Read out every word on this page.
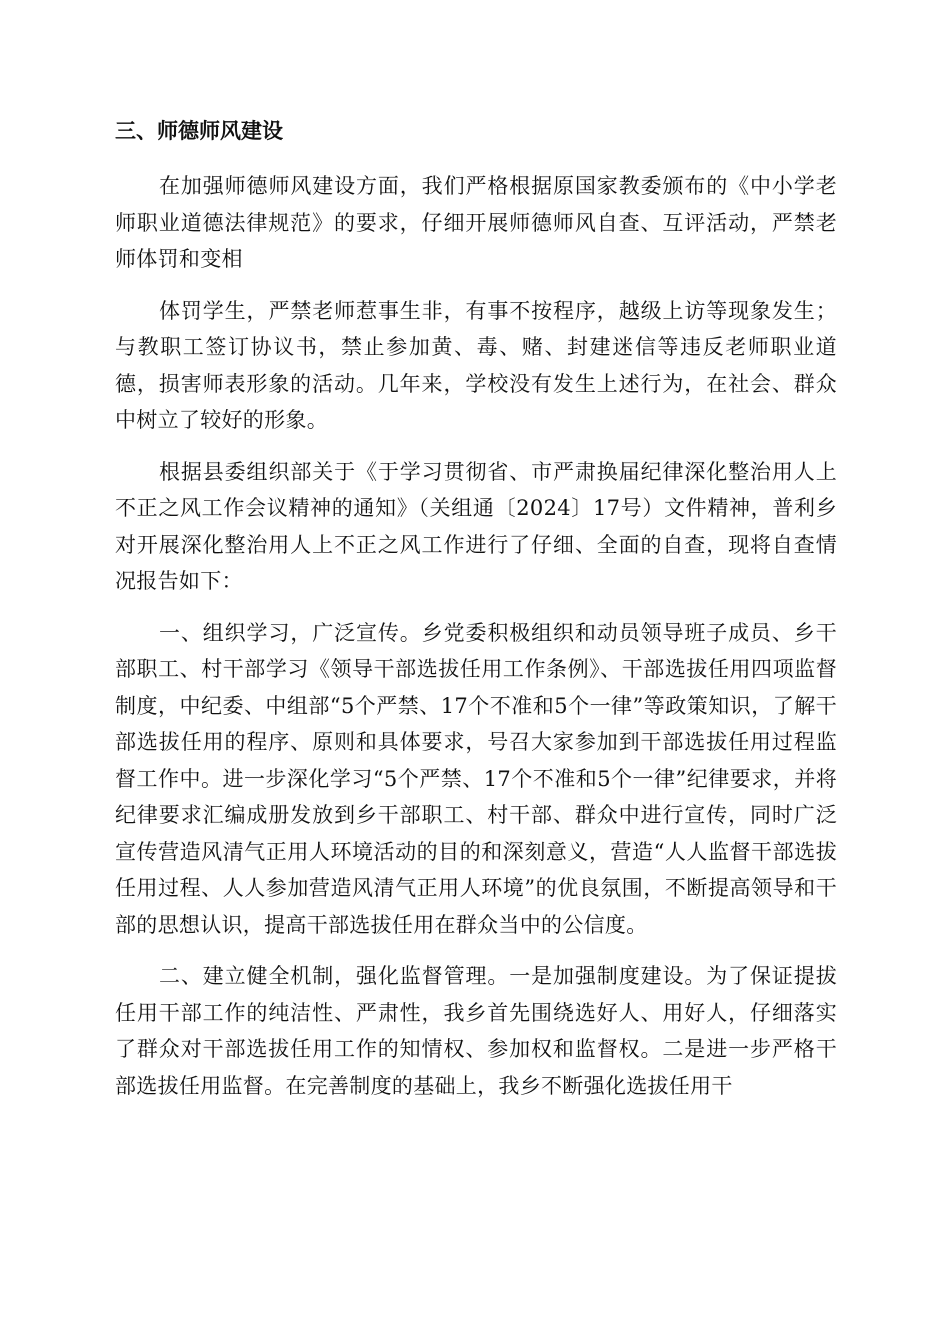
三、师德师风建设

在加强师德师风建设方面，我们严格根据原国家教委颁布的《中小学老师职业道德法律规范》的要求，仔细开展师德师风自查、互评活动，严禁老师体罚和变相

体罚学生，严禁老师惹事生非，有事不按程序，越级上访等现象发生；与教职工签订协议书，禁止参加黄、毒、赌、封建迷信等违反老师职业道德，损害师表形象的活动。几年来，学校没有发生上述行为，在社会、群众中树立了较好的形象。

根据县委组织部关于《于学习贯彻省、市严肃换届纪律深化整治用人上不正之风工作会议精神的通知》（关组通〔2024〕17号）文件精神，普利乡对开展深化整治用人上不正之风工作进行了仔细、全面的自查，现将自查情况报告如下：

一、组织学习，广泛宣传。乡党委积极组织和动员领导班子成员、乡干部职工、村干部学习《领导干部选拔任用工作条例》、干部选拔任用四项监督制度，中纪委、中组部“5个严禁、17个不准和5个一律”等政策知识，了解干部选拔任用的程序、原则和具体要求，号召大家参加到干部选拔任用过程监督工作中。进一步深化学习“5个严禁、17个不准和5个一律”纪律要求，并将纪律要求汇编成册发放到乡干部职工、村干部、群众中进行宣传，同时广泛宣传营造风清气正用人环境活动的目的和深刻意义，营造“人人监督干部选拔任用过程、人人参加营造风清气正用人环境”的优良氛围，不断提高领导和干部的思想认识，提高干部选拔任用在群众当中的公信度。

二、建立健全机制，强化监督管理。一是加强制度建设。为了保证提拔任用干部工作的纯洁性、严肃性，我乡首先围绕选好人、用好人，仔细落实了群众对干部选拔任用工作的知情权、参加权和监督权。二是进一步严格干部选拔任用监督。在完善制度的基础上，我乡不断强化选拔任用干
